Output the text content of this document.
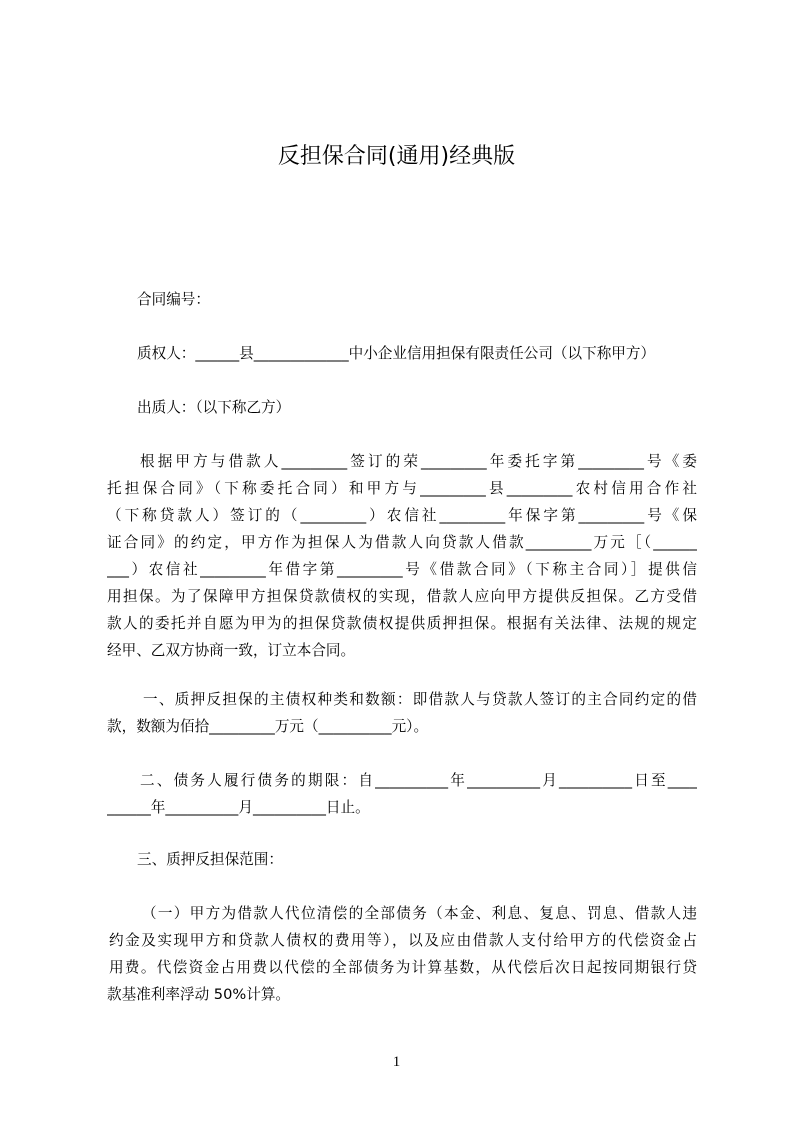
反担保合同(通用)经典版
合同编号：
质权人：______县_____________中小企业信用担保有限责任公司（以下称甲方）
出质人：（以下称乙方）
根据甲方与借款人_________签订的荣_________年委托字第_________号《委
托担保合同》（下称委托合同）和甲方与_________县_________农村信用合作社
（下称贷款人）签订的（_________）农信社_________年保字第_________号《保
证合同》的约定，甲方作为担保人为借款人向贷款人借款_________万元［（______
___）农信社_________年借字第_________号《借款合同》（下称主合同）］提供信
用担保。为了保障甲方担保贷款债权的实现，借款人应向甲方提供反担保。乙方受借
款人的委托并自愿为甲为的担保贷款债权提供质押担保。根据有关法律、法规的规定
经甲、乙双方协商一致，订立本合同。
一、质押反担保的主债权种类和数额：即借款人与贷款人签订的主合同约定的借
款，数额为佰拾_________万元（__________元）。
二、债务人履行债务的期限：自__________年__________月__________日至____
______年__________月__________日止。
三、质押反担保范围：
（一）甲方为借款人代位清偿的全部债务（本金、利息、复息、罚息、借款人违
约金及实现甲方和贷款人债权的费用等），以及应由借款人支付给甲方的代偿资金占
用费。代偿资金占用费以代偿的全部债务为计算基数，从代偿后次日起按同期银行贷
款基准利率浮动 50%计算。
1
